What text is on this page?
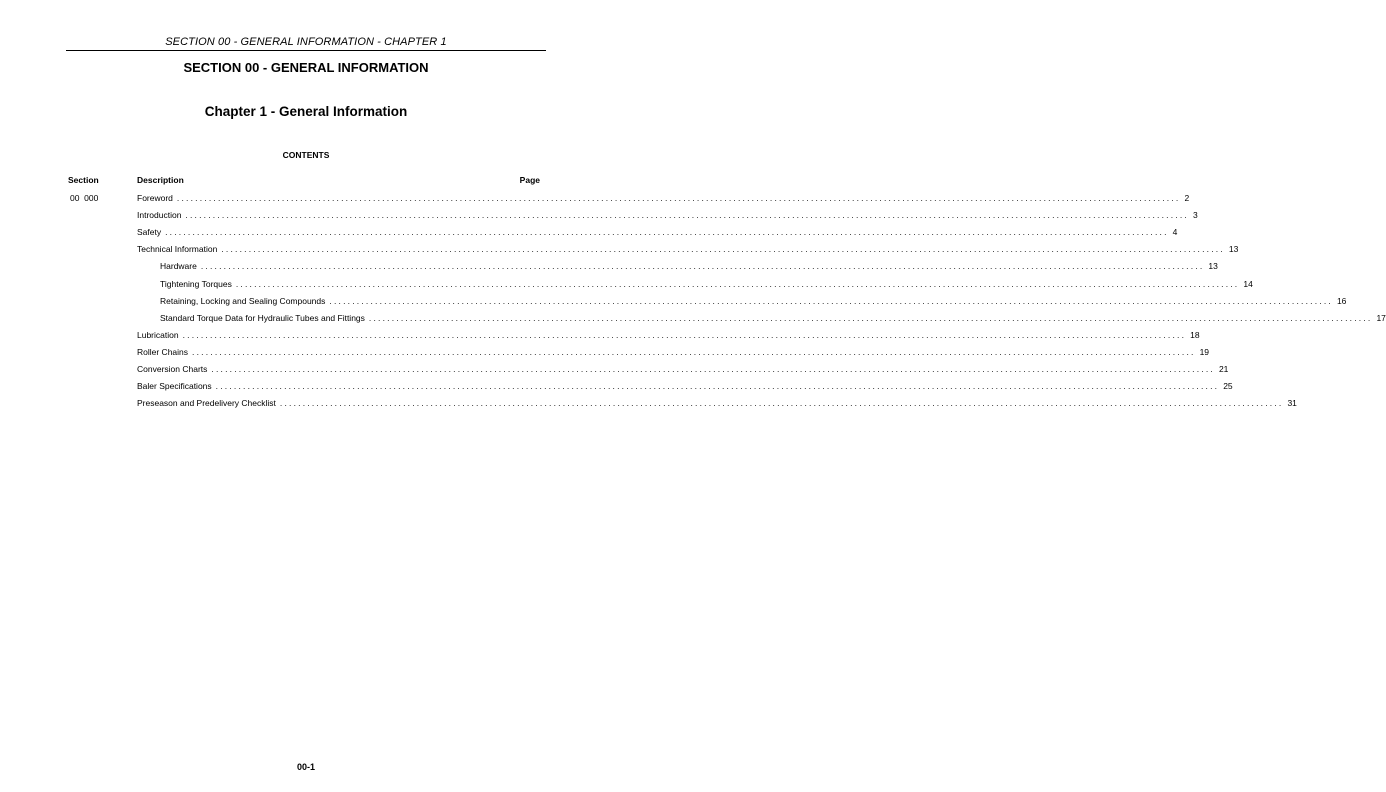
SECTION 00 - GENERAL INFORMATION - CHAPTER 1
SECTION 00 - GENERAL INFORMATION
Chapter 1 - General Information
CONTENTS
Section	Description	Page
00  000	Foreword ............................................................................................................................................................................................................................ 2
Introduction ............................................................................................................................................................................................................................ 3
Safety ............................................................................................................................................................................................................................ 4
Technical Information ............................................................................................................................................................................................................................ 13
Hardware ............................................................................................................................................................................................................................ 13
Tightening Torques ............................................................................................................................................................................................................................ 14
Retaining, Locking and Sealing Compounds ............................................................................................................................................................................................................................ 16
Standard Torque Data for Hydraulic Tubes and Fittings ............................................................................................................................................................................................................................ 17
Lubrication ............................................................................................................................................................................................................................ 18
Roller Chains ............................................................................................................................................................................................................................ 19
Conversion Charts ............................................................................................................................................................................................................................ 21
Baler Specifications ............................................................................................................................................................................................................................ 25
Preseason and Predelivery Checklist ............................................................................................................................................................................................................................ 31
00-1
